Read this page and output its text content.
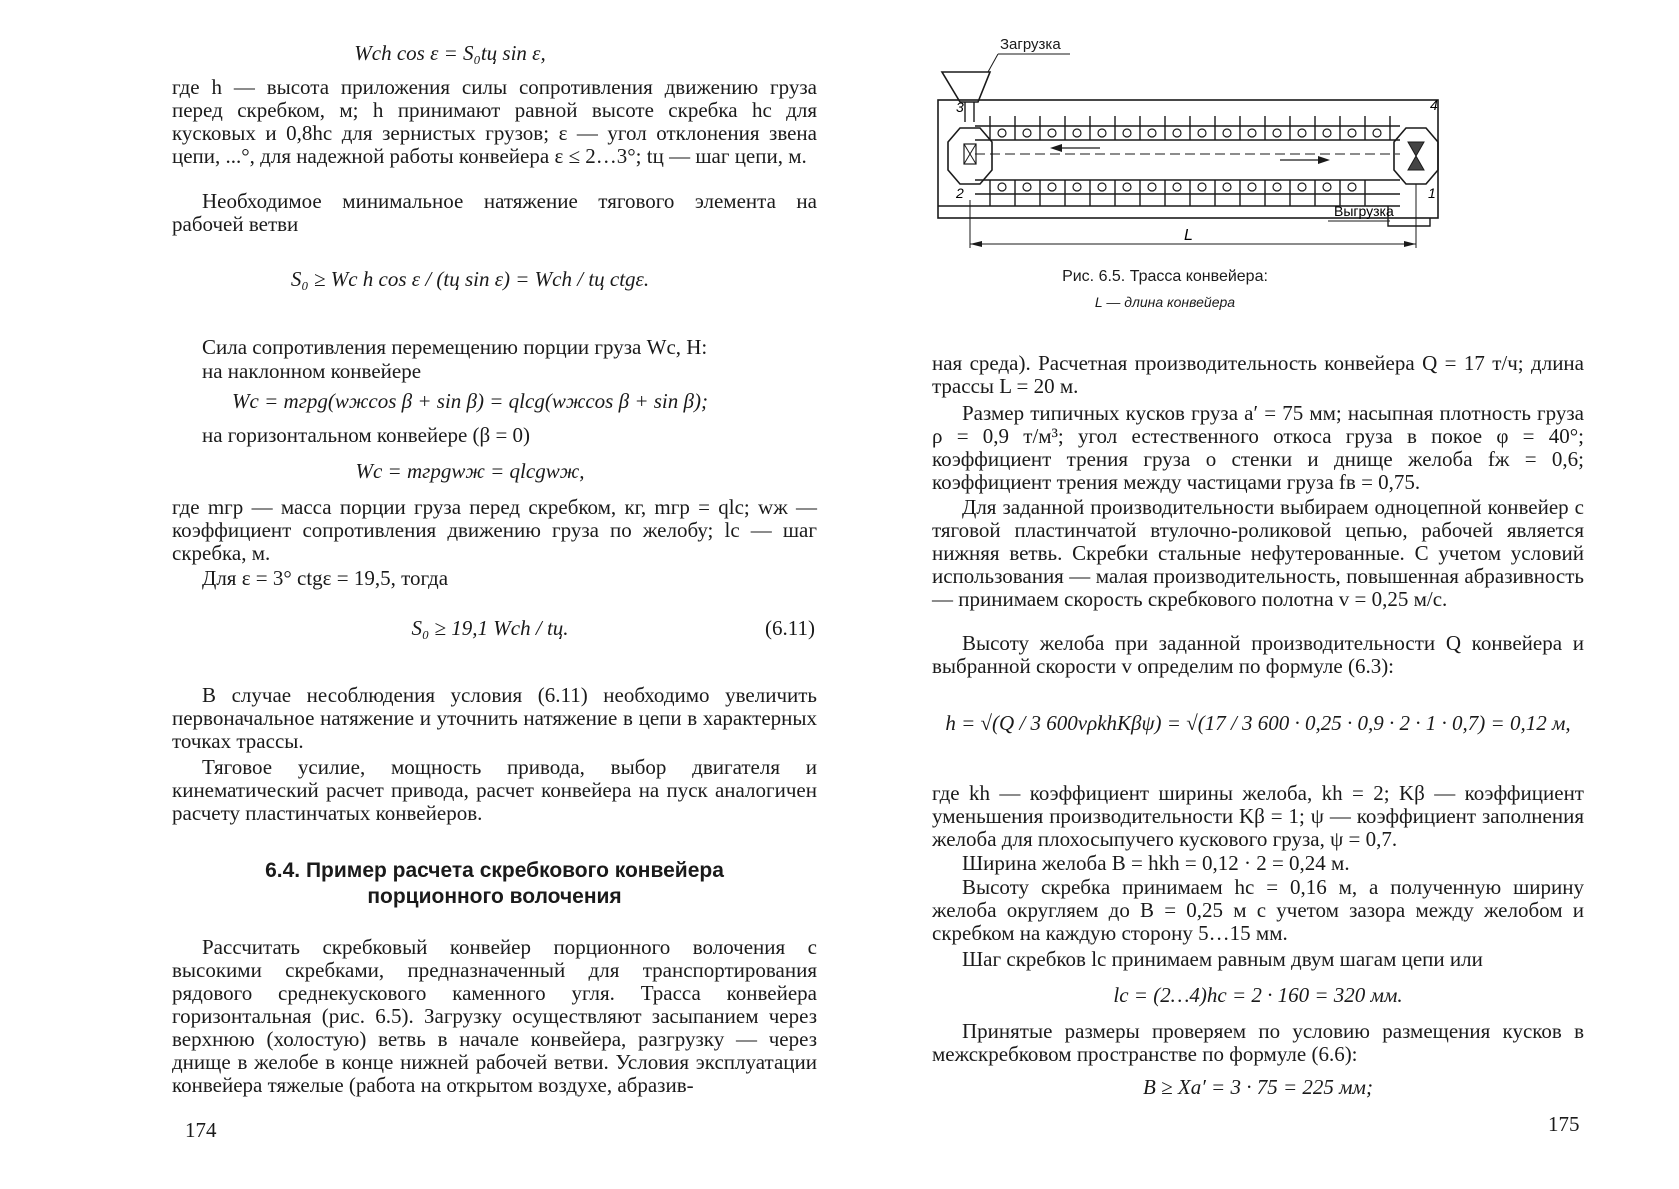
Wсh cos ε = S₀tц sin ε,

где h — высота приложения силы сопротивления движению груза перед скребком, м; h принимают равной высоте скребка hс для кусковых и 0,8hс для зернистых грузов; ε — угол отклонения звена цепи, ...°, для надежной работы конвейера ε ≤ 2…3°; tц — шаг цепи, м.

Необходимое минимальное натяжение тягового элемента на рабочей ветви

S₀ ≥ Wс h cos ε / (tц sin ε) = Wсh / tц ctgε.

Сила сопротивления перемещению порции груза Wс, Н:

на наклонном конвейере

Wс = mгрg(wжcos β + sin β) = qlсg(wжcos β + sin β);

на горизонтальном конвейере (β = 0)

Wс = mгрgwж = qlсgwж,

где mгр — масса порции груза перед скребком, кг, mгр = qlс; wж — коэффициент сопротивления движению груза по желобу; lс — шаг скребка, м.

Для ε = 3° ctgε = 19,5, тогда

S₀ ≥ 19,1 Wсh / tц.	(6.11)

В случае несоблюдения условия (6.11) необходимо увеличить первоначальное натяжение и уточнить натяжение в цепи в характерных точках трассы.

Тяговое усилие, мощность привода, выбор двигателя и кинематический расчет привода, расчет конвейера на пуск аналогичен расчету пластинчатых конвейеров.

6.4. Пример расчета скребкового конвейера
порционного волочения

Рассчитать скребковый конвейер порционного волочения с высокими скребками, предназначенный для транспортирования рядового среднекускового каменного угля. Трасса конвейера горизонтальная (рис. 6.5). Загрузку осуществляют засыпанием через верхнюю (холостую) ветвь в начале конвейера, разгрузку — через днище в желобе в конце нижней рабочей ветви. Условия эксплуатации конвейера тяжелые (работа на открытом воздухе, абразив-

174
Загрузка
3	4
2	1
Выгрузка
L
Рис. 6.5. Трасса конвейера:
L — длина конвейера

ная среда). Расчетная производительность конвейера Q = 17 т/ч; длина трассы L = 20 м.

Размер типичных кусков груза a′ = 75 мм; насыпная плотность груза ρ = 0,9 т/м³; угол естественного откоса груза в покое φ = 40°; коэффициент трения груза о стенки и днище желоба fж = 0,6; коэффициент трения между частицами груза fв = 0,75.

Для заданной производительности выбираем одноцепной конвейер с тяговой пластинчатой втулочно-роликовой цепью, рабочей является нижняя ветвь. Скребки стальные нефутерованные. С учетом условий использования — малая производительность, повышенная абразивность — принимаем скорость скребкового полотна v = 0,25 м/с.

Высоту желоба при заданной производительности Q конвейера и выбранной скорости v определим по формуле (6.3):

h = √(Q / 3 600vρkhKβψ) = √(17 / 3 600 · 0,25 · 0,9 · 2 · 1 · 0,7) = 0,12 м,

где kh — коэффициент ширины желоба, kh = 2; Kβ — коэффициент уменьшения производительности Kβ = 1; ψ — коэффициент заполнения желоба для плохосыпучего кускового груза, ψ = 0,7.

Ширина желоба B = hkh = 0,12 · 2 = 0,24 м.

Высоту скребка принимаем hс = 0,16 м, а полученную ширину желоба округляем до B = 0,25 м с учетом зазора между желобом и скребком на каждую сторону 5…15 мм.

Шаг скребков lс принимаем равным двум шагам цепи или

lс = (2…4)hс = 2 · 160 = 320 мм.

Принятые размеры проверяем по условию размещения кусков в межскребковом пространстве по формуле (6.6):

B ≥ Xa′ = 3 · 75 = 225 мм;
175
